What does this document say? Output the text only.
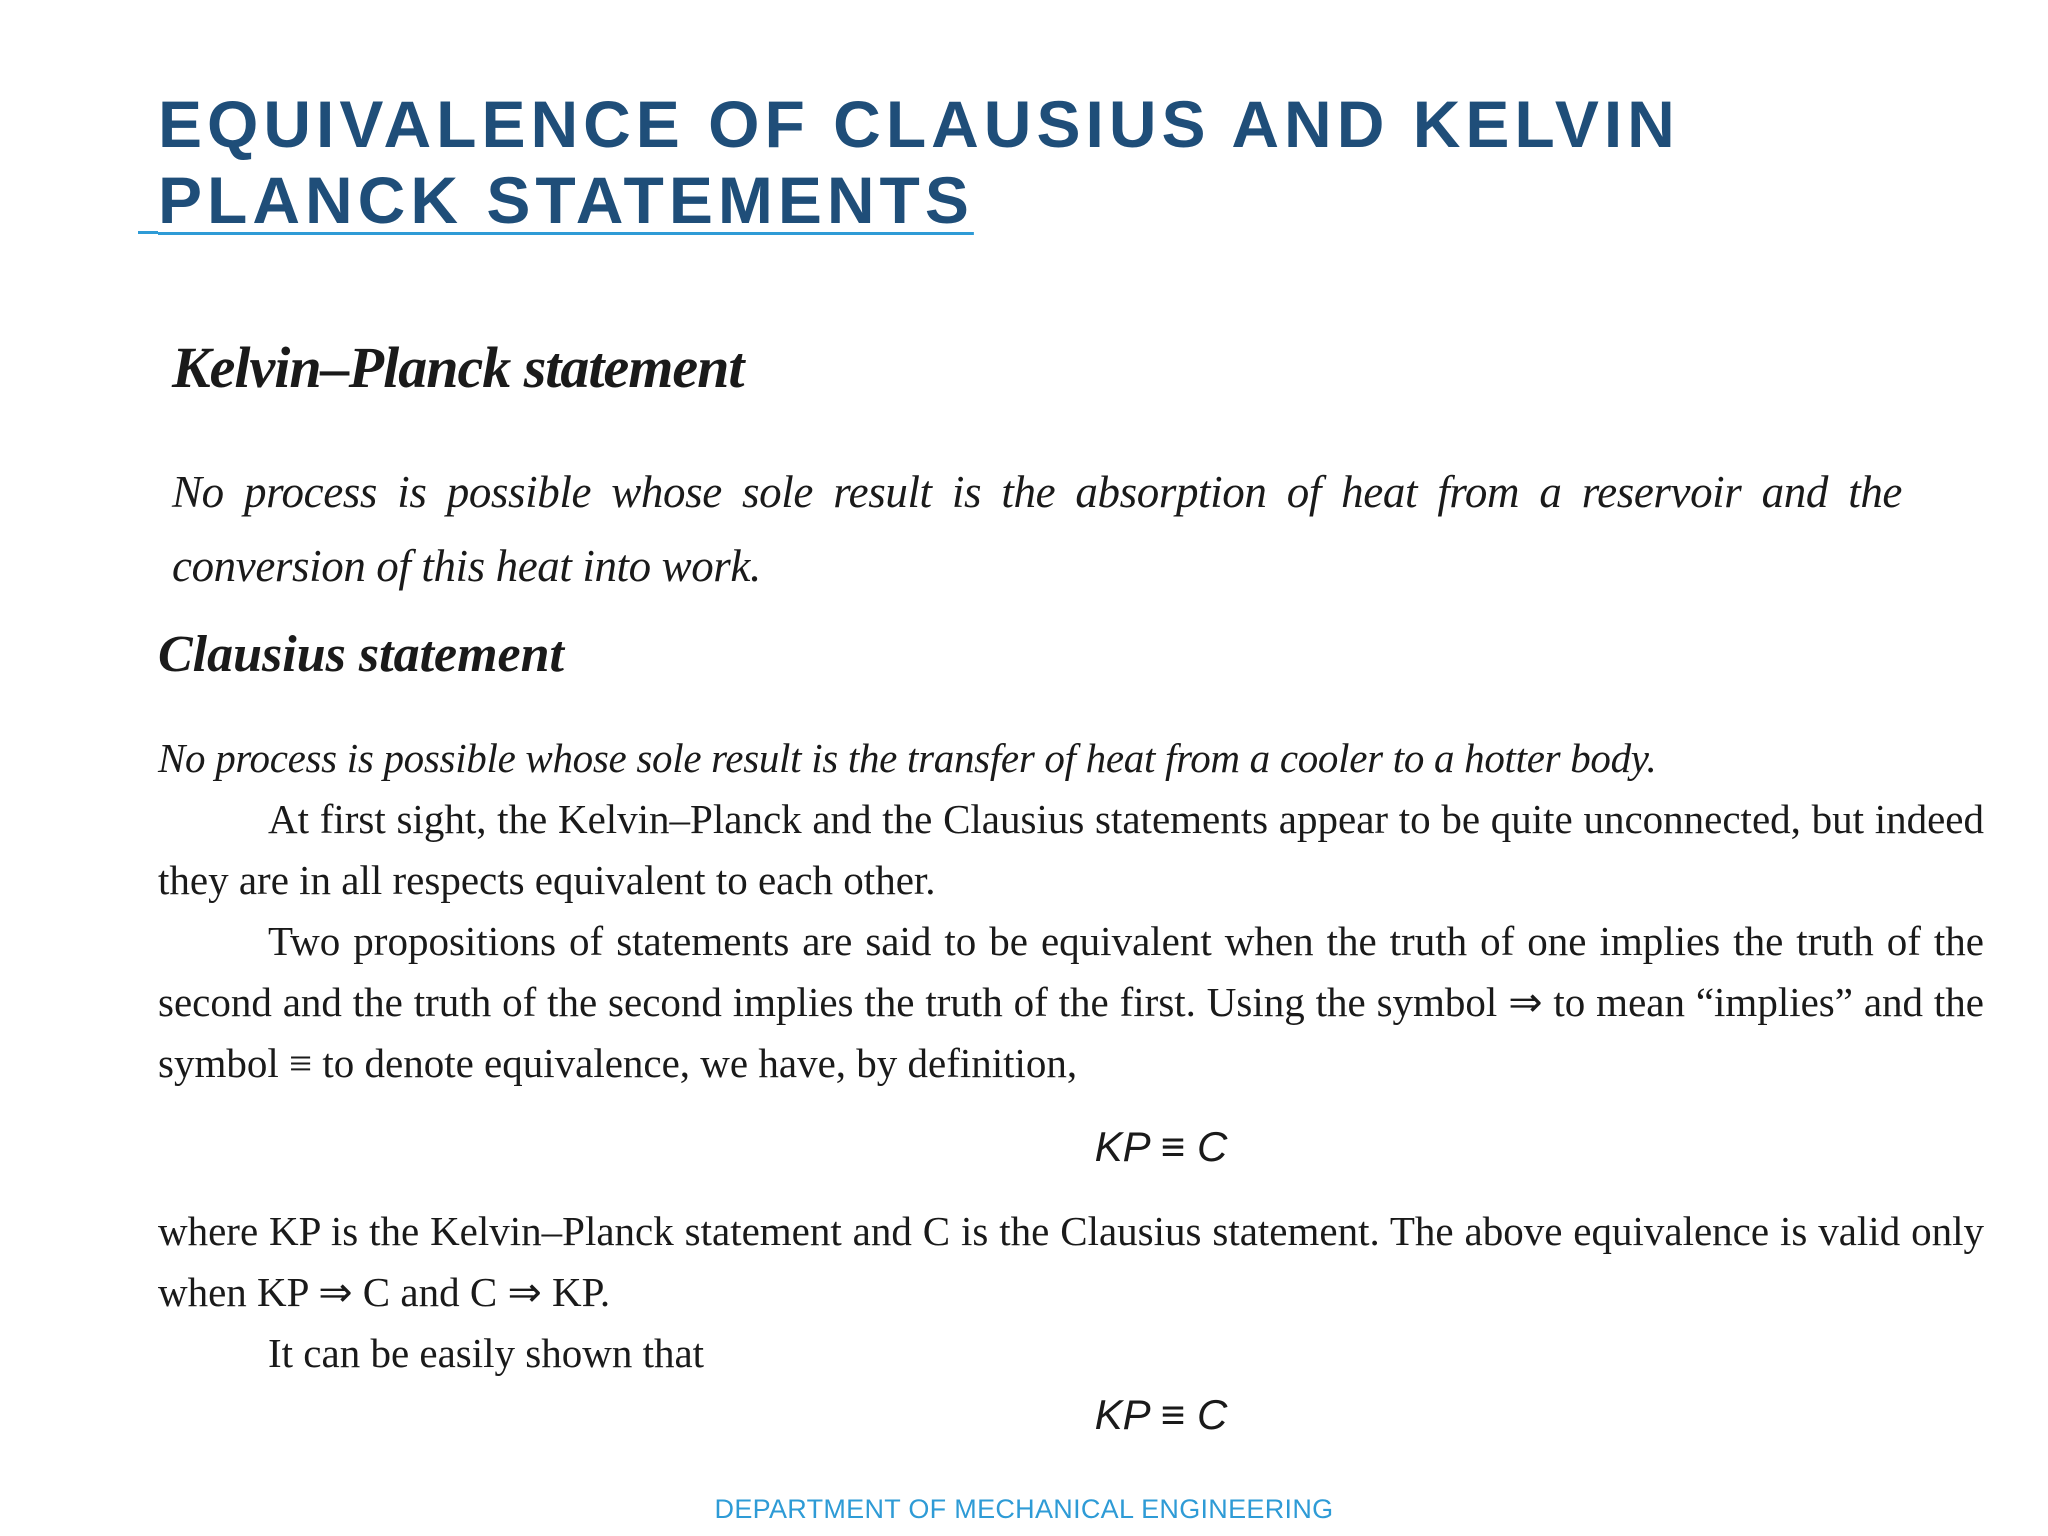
EQUIVALENCE OF CLAUSIUS AND KELVIN
PLANCK STATEMENTS
Kelvin–Planck statement
No process is possible whose sole result is the absorption of heat from a reservoir and the conversion of this heat into work.
Clausius statement

No process is possible whose sole result is the transfer of heat from a cooler to a hotter body.

At first sight, the Kelvin–Planck and the Clausius statements appear to be quite unconnected, but indeed they are in all respects equivalent to each other.

Two propositions of statements are said to be equivalent when the truth of one implies the truth of the second and the truth of the second implies the truth of the first. Using the symbol ⇒ to mean “implies” and the symbol ≡ to denote equivalence, we have, by definition,

KP ≡ C

where KP is the Kelvin–Planck statement and C is the Clausius statement. The above equivalence is valid only when KP ⇒ C and C ⇒ KP.

It can be easily shown that

KP ≡ C

DEPARTMENT OF MECHANICAL ENGINEERING
